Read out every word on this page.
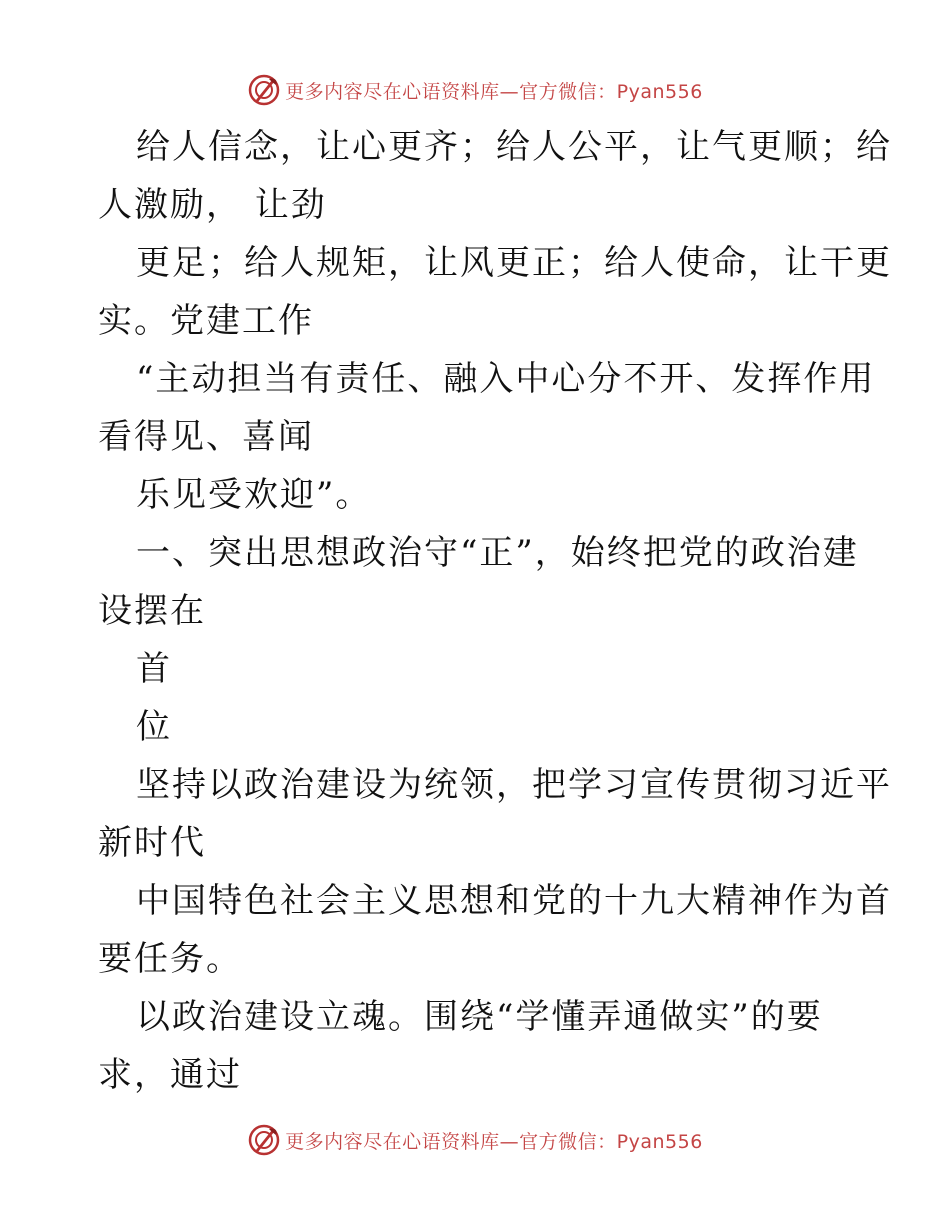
更多内容尽在心语资料库—官方微信：Pyan556
给人信念，让心更齐；给人公平，让气更顺；给
人激励， 让劲
更足；给人规矩，让风更正；给人使命，让干更
实。党建工作
“主动担当有责任、融入中心分不开、发挥作用
看得见、喜闻
乐见受欢迎”。
一、突出思想政治守“正”，始终把党的政治建
设摆在
首
位
坚持以政治建设为统领，把学习宣传贯彻习近平
新时代
中国特色社会主义思想和党的十九大精神作为首
要任务。
以政治建设立魂。围绕“学懂弄通做实”的要
求，通过
更多内容尽在心语资料库—官方微信：Pyan556
